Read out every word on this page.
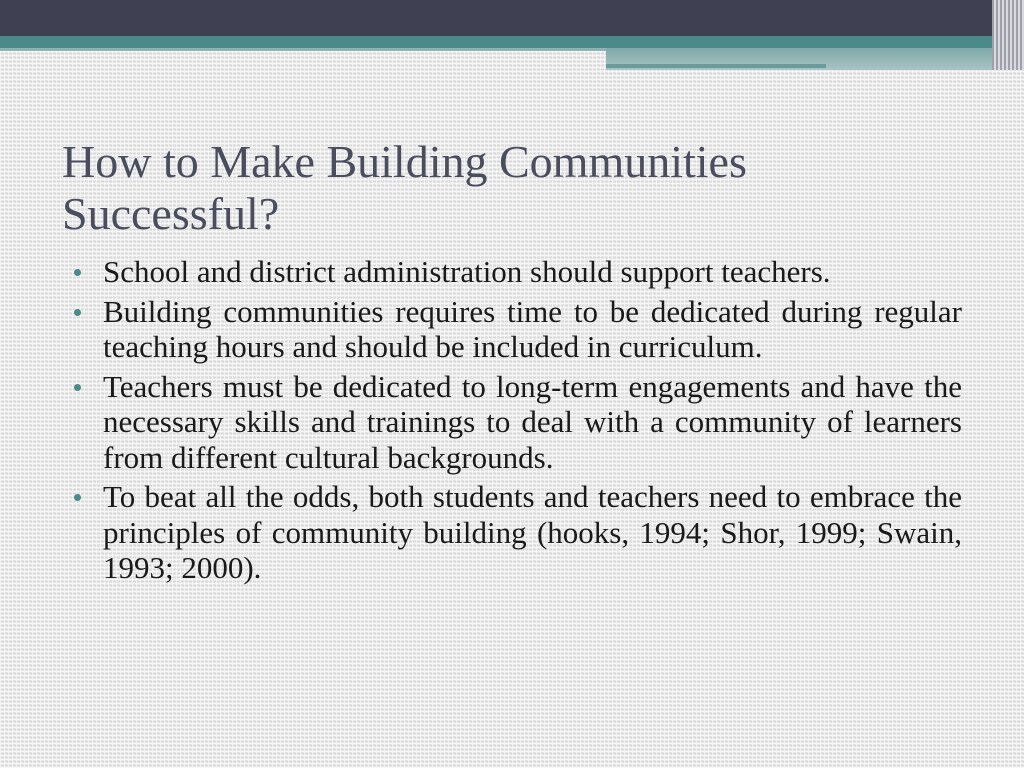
How to Make Building Communities Successful?
School and district administration should support teachers.
Building communities requires time to be dedicated during regular teaching hours and should be included in curriculum.
Teachers must be dedicated to long-term engagements and have the necessary skills and trainings to deal with a community of learners from different cultural backgrounds.
To beat all the odds, both students and teachers need to embrace the principles of community building (hooks, 1994; Shor, 1999; Swain, 1993; 2000).
